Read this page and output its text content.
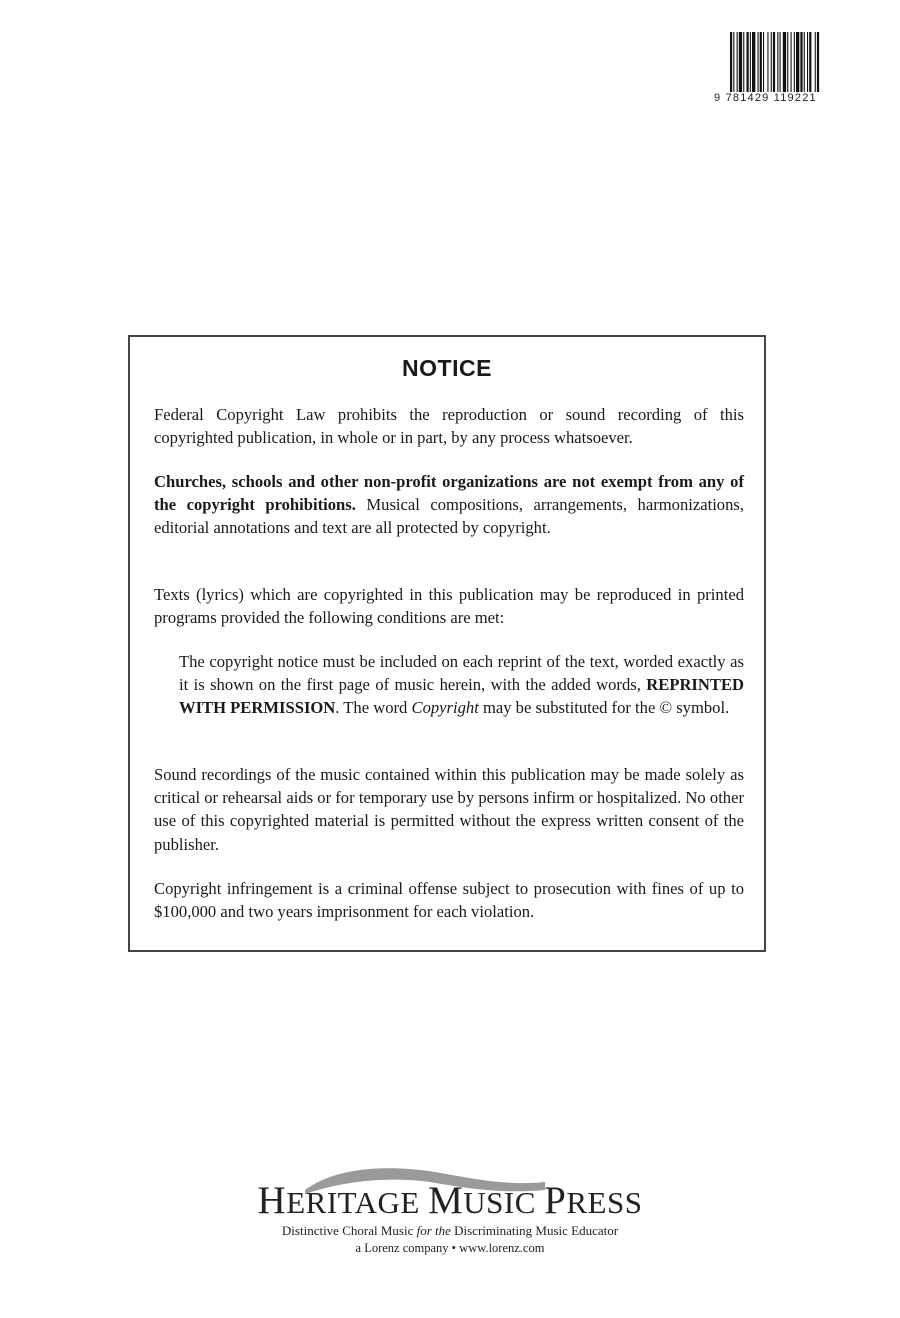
9 781429 119221
NOTICE

Federal Copyright Law prohibits the reproduction or sound recording of this copyrighted publication, in whole or in part, by any process whatsoever.

Churches, schools and other non-profit organizations are not exempt from any of the copyright prohibitions. Musical compositions, arrangements, harmonizations, editorial annotations and text are all protected by copyright.

Texts (lyrics) which are copyrighted in this publication may be reproduced in printed programs provided the following conditions are met:

The copyright notice must be included on each reprint of the text, worded exactly as it is shown on the first page of music herein, with the added words, REPRINTED WITH PERMISSION. The word Copyright may be substituted for the © symbol.

Sound recordings of the music contained within this publication may be made solely as critical or rehearsal aids or for temporary use by persons infirm or hospitalized. No other use of this copyrighted material is permitted without the express written consent of the publisher.

Copyright infringement is a criminal offense subject to prosecution with fines of up to $100,000 and two years imprisonment for each violation.

HERITAGE MUSIC PRESS
Distinctive Choral Music for the Discriminating Music Educator
a Lorenz company • www.lorenz.com
